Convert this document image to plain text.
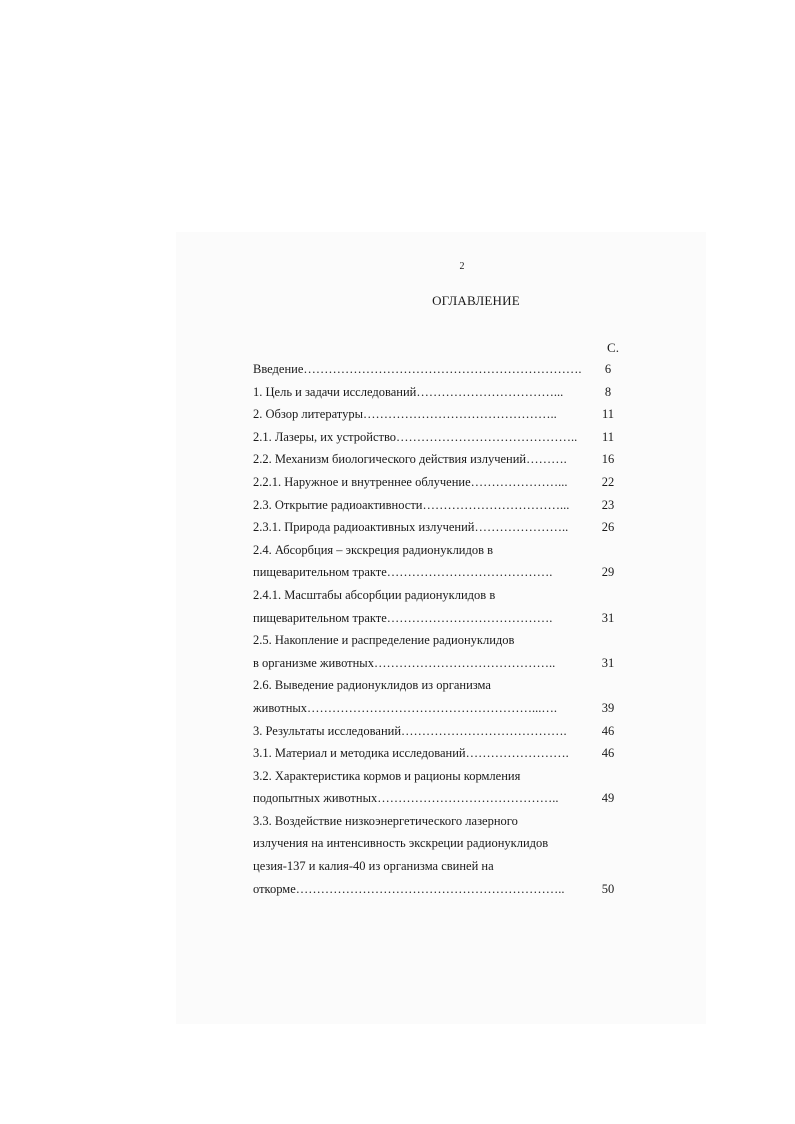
2
ОГЛАВЛЕНИЕ
С.
Введение………………………………………………………….	6
1. Цель и задачи исследований……………………………...	8
2. Обзор литературы………………………………………..	11
2.1. Лазеры, их устройство……………………………………..	11
2.2. Механизм биологического действия излучений……….	16
2.2.1. Наружное и внутреннее облучение…………………...	22
2.3. Открытие радиоактивности……………………………...	23
2.3.1. Природа радиоактивных излучений…………………..	26
2.4. Абсорбция – экскреция радионуклидов в
пищеварительном тракте………………………………….	29
2.4.1. Масштабы абсорбции радионуклидов в
пищеварительном тракте………………………………….	31
2.5. Накопление и распределение радионуклидов
в организме животных……………………………………..	31
2.6. Выведение радионуклидов из организма
животных………………………………………………...….	39
3. Результаты исследований………………………………….	46
3.1. Материал и методика исследований…………………….	46
3.2. Характеристика кормов и рационы кормления
подопытных животных……………………………………..	49
3.3. Воздействие низкоэнергетического лазерного
излучения на интенсивность экскреции радионуклидов
цезия-137 и калия-40 из организма свиней на
откорме………………………………………………………..	50
